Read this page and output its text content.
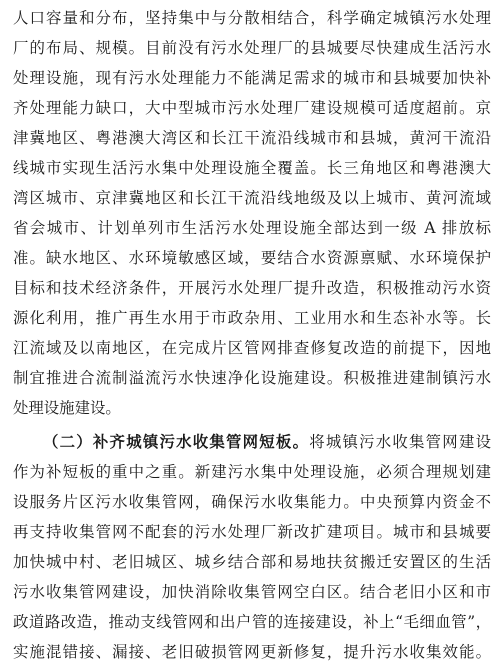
人口容量和分布，坚持集中与分散相结合，科学确定城镇污水处理
厂的布局、规模。目前没有污水处理厂的县城要尽快建成生活污水
处理设施，现有污水处理能力不能满足需求的城市和县城要加快补
齐处理能力缺口，大中型城市污水处理厂建设规模可适度超前。京
津冀地区、粤港澳大湾区和长江干流沿线城市和县城，黄河干流沿
线城市实现生活污水集中处理设施全覆盖。长三角地区和粤港澳大
湾区城市、京津冀地区和长江干流沿线地级及以上城市、黄河流域
省会城市、计划单列市生活污水处理设施全部达到一级 A 排放标
准。缺水地区、水环境敏感区域，要结合水资源禀赋、水环境保护
目标和技术经济条件，开展污水处理厂提升改造，积极推动污水资
源化利用，推广再生水用于市政杂用、工业用水和生态补水等。长
江流域及以南地区，在完成片区管网排查修复改造的前提下，因地
制宜推进合流制溢流污水快速净化设施建设。积极推进建制镇污水
处理设施建设。
（二）补齐城镇污水收集管网短板。将城镇污水收集管网建设
作为补短板的重中之重。新建污水集中处理设施，必须合理规划建
设服务片区污水收集管网，确保污水收集能力。中央预算内资金不
再支持收集管网不配套的污水处理厂新改扩建项目。城市和县城要
加快城中村、老旧城区、城乡结合部和易地扶贫搬迁安置区的生活
污水收集管网建设，加快消除收集管网空白区。结合老旧小区和市
政道路改造，推动支线管网和出户管的连接建设，补上“毛细血管”，
实施混错接、漏接、老旧破损管网更新修复，提升污水收集效能。
